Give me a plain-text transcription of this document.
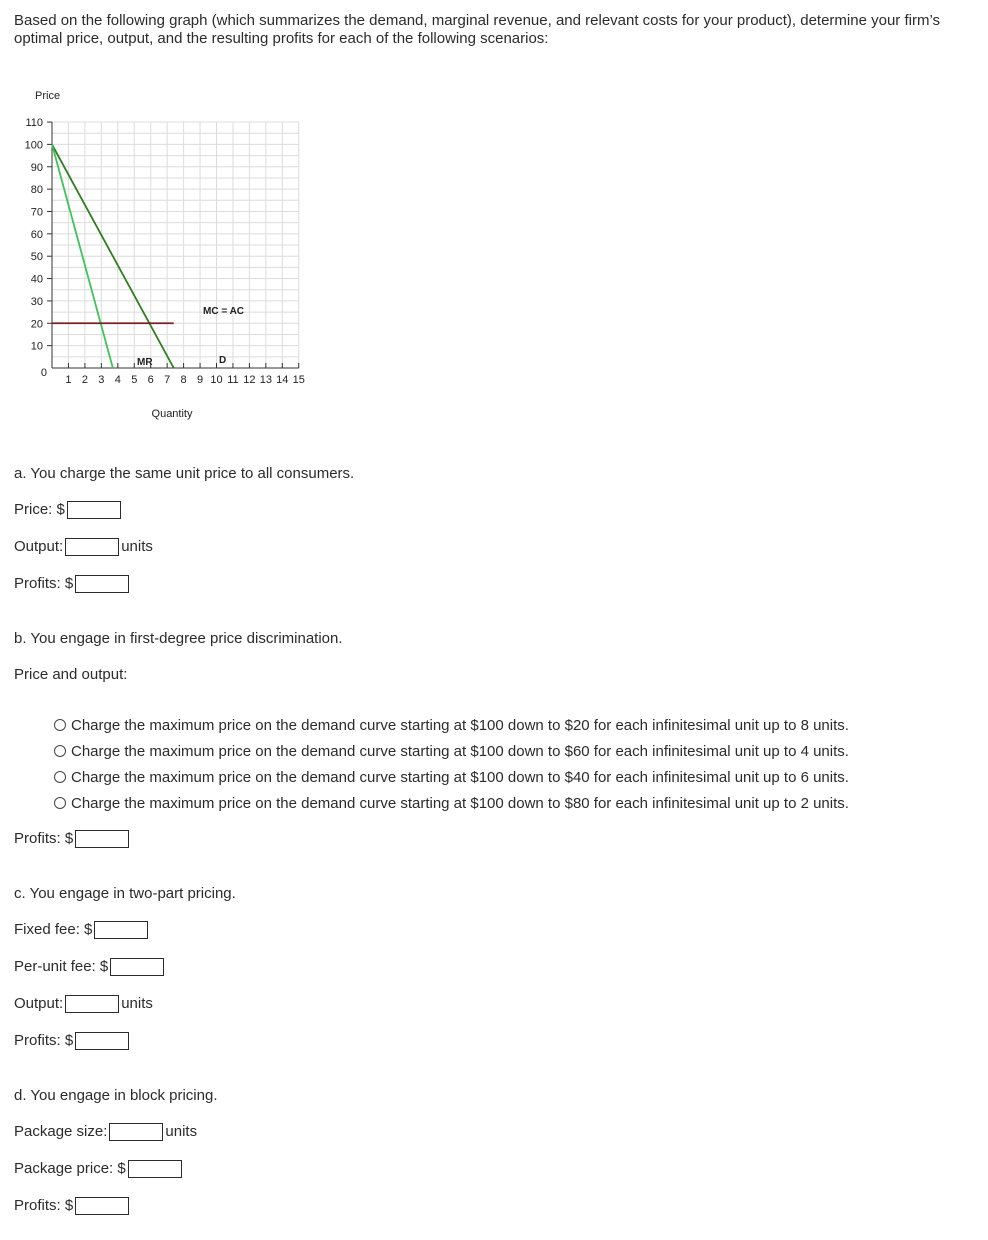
Based on the following graph (which summarizes the demand, marginal revenue, and relevant costs for your product), determine your firm’s optimal price, output, and the resulting profits for each of the following scenarios:
0
10
20
30
40
50
60
70
80
90
100
110
1 2 3 4 5 6 7 8 9 10 11 12 13 14 15
Price
Quantity
MR	D
MC = AC
a. You charge the same unit price to all consumers.
Price: $
Output:	units
Profits: $
b. You engage in first-degree price discrimination.
Price and output:
Charge the maximum price on the demand curve starting at $100 down to $20 for each infinitesimal unit up to 8 units.
Charge the maximum price on the demand curve starting at $100 down to $60 for each infinitesimal unit up to 4 units.
Charge the maximum price on the demand curve starting at $100 down to $40 for each infinitesimal unit up to 6 units.
Charge the maximum price on the demand curve starting at $100 down to $80 for each infinitesimal unit up to 2 units.
Profits: $
c. You engage in two-part pricing.
Fixed fee: $
Per-unit fee: $
Output:	units
Profits: $
d. You engage in block pricing.
Package size:	units
Package price: $
Profits: $
